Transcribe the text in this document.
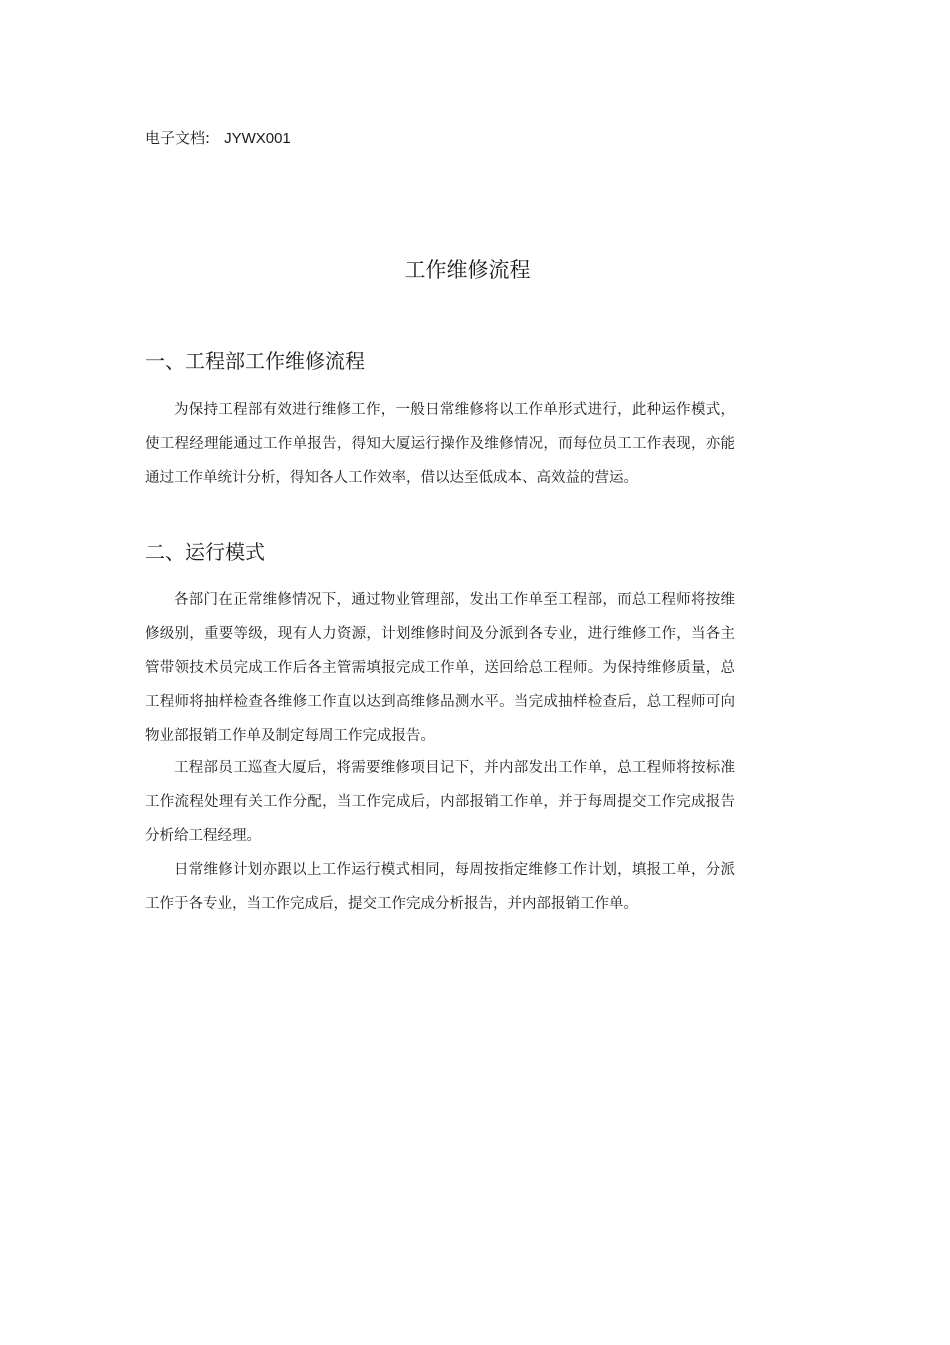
电子文档: JYWX001
工作维修流程
一、工程部工作维修流程

为保持工程部有效进行维修工作，一般日常维修将以工作单形式进行，此种运作模式，使工程经理能通过工作单报告，得知大厦运行操作及维修情况，而每位员工工作表现，亦能通过工作单统计分析，得知各人工作效率，借以达至低成本、高效益的营运。

二、运行模式

各部门在正常维修情况下，通过物业管理部，发出工作单至工程部，而总工程师将按维修级别，重要等级，现有人力资源，计划维修时间及分派到各专业，进行维修工作，当各主管带领技术员完成工作后各主管需填报完成工作单，送回给总工程师。为保持维修质量，总工程师将抽样检查各维修工作直以达到高维修品测水平。当完成抽样检查后，总工程师可向物业部报销工作单及制定每周工作完成报告。

工程部员工巡查大厦后，将需要维修项目记下，并内部发出工作单，总工程师将按标准工作流程处理有关工作分配，当工作完成后，内部报销工作单，并于每周提交工作完成报告分析给工程经理。

日常维修计划亦跟以上工作运行模式相同，每周按指定维修工作计划，填报工单，分派工作于各专业，当工作完成后，提交工作完成分析报告，并内部报销工作单。
